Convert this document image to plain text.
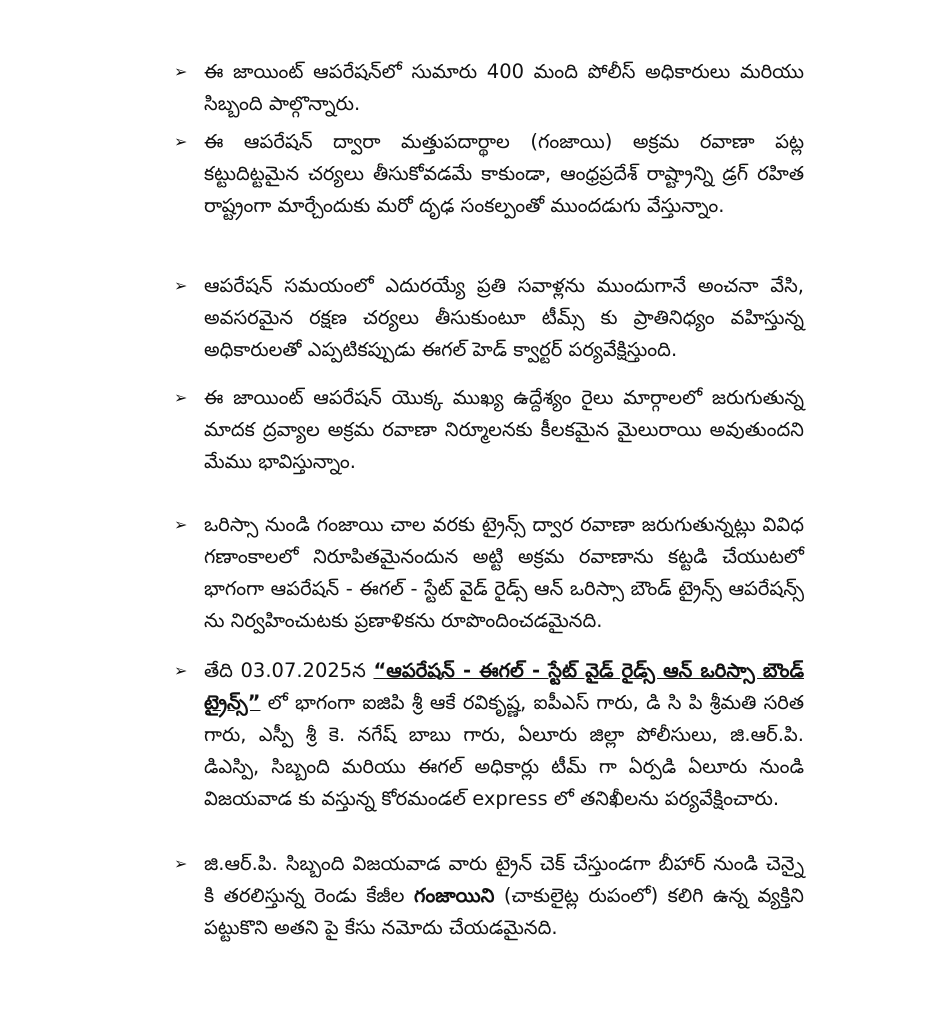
➢ ఈ జాయింట్ ఆపరేషన్‌లో సుమారు 400 మంది పోలీస్ అధికారులు మరియు సిబ్బంది పాల్గొన్నారు.
➢ ఈ ఆపరేషన్ ద్వారా మత్తుపదార్థాల (గంజాయి) అక్రమ రవాణా పట్ల కట్టుదిట్టమైన చర్యలు తీసుకోవడమే కాకుండా, ఆంధ్రప్రదేశ్ రాష్ట్రాన్ని డ్రగ్ రహిత రాష్ట్రంగా మార్చేందుకు మరో దృఢ సంకల్పంతో ముందడుగు వేస్తున్నాం.
➢ ఆపరేషన్ సమయంలో ఎదురయ్యే ప్రతి సవాళ్లను ముందుగానే అంచనా వేసి, అవసరమైన రక్షణ చర్యలు తీసుకుంటూ టీమ్స్ కు ప్రాతినిధ్యం వహిస్తున్న అధికారులతో ఎప్పటికప్పుడు ఈగల్ హెడ్ క్వార్టర్ పర్యవేక్షిస్తుంది.
➢ ఈ జాయింట్ ఆపరేషన్ యొక్క ముఖ్య ఉద్దేశ్యం రైలు మార్గాలలో జరుగుతున్న మాదక ద్రవ్యాల అక్రమ రవాణా నిర్మూలనకు కీలకమైన మైలురాయి అవుతుందని మేము భావిస్తున్నాం.
➢ ఒరిస్సా నుండి గంజాయి చాల వరకు ట్రైన్స్ ద్వార రవాణా జరుగుతున్నట్లు వివిధ గణాంకాలలో నిరూపితమైనందున అట్టి అక్రమ రవాణాను కట్టడి చేయుటలో భాగంగా ఆపరేషన్ - ఈగల్ - స్టేట్ వైడ్ రైడ్స్ ఆన్ ఒరిస్సా బౌండ్ ట్రైన్స్ ఆపరేషన్స్ ను నిర్వహించుటకు ప్రణాళికను రూపొందించడమైనది.
➢ తేది 03.07.2025న “ఆపరేషన్ - ఈగల్ - స్టేట్ వైడ్ రైడ్స్ ఆన్ ఒరిస్సా బౌండ్ ట్రైన్స్” లో భాగంగా ఐజిపి శ్రీ ఆకే రవికృష్ణ, ఐపీఎస్ గారు, డి సి పి శ్రీమతి సరిత గారు, ఎస్పీ శ్రీ కె. నగేష్ బాబు గారు, ఏలూరు జిల్లా పోలీసులు, జి.ఆర్.పి. డిఎస్పి, సిబ్బంది మరియు ఈగల్ అధికార్లు టీమ్ గా ఏర్పడి ఏలూరు నుండి విజయవాడ కు వస్తున్న కోరమండల్ express లో తనిఖీలను పర్యవేక్షించారు.
➢ జి.ఆర్.పి. సిబ్బంది విజయవాడ వారు ట్రైన్ చెక్ చేస్తుండగా బీహార్ నుండి చెన్నై కి తరలిస్తున్న రెండు కేజీల గంజాయిని (చాకులైట్ల రుపంలో) కలిగి ఉన్న వ్యక్తిని పట్టుకొని అతని పై కేసు నమోదు చేయడమైనది.
